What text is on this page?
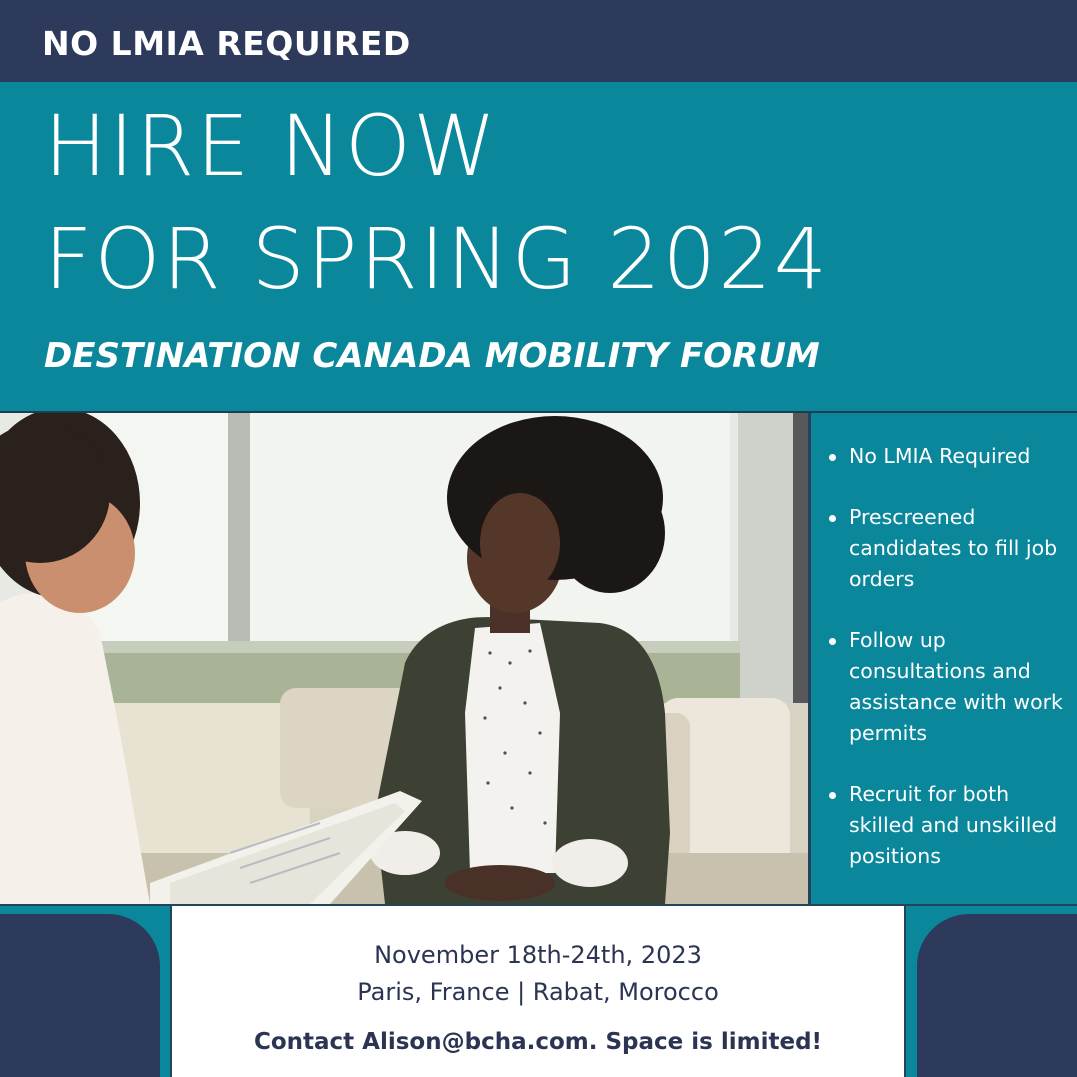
NO LMIA REQUIRED
HIRE NOW
FOR SPRING 2024
DESTINATION CANADA MOBILITY FORUM
No LMIA Required
Prescreened candidates to fill job orders
Follow up consultations and assistance with work permits
Recruit for both skilled and unskilled positions
November 18th-24th, 2023
Paris, France | Rabat, Morocco
Contact Alison@bcha.com. Space is limited!
